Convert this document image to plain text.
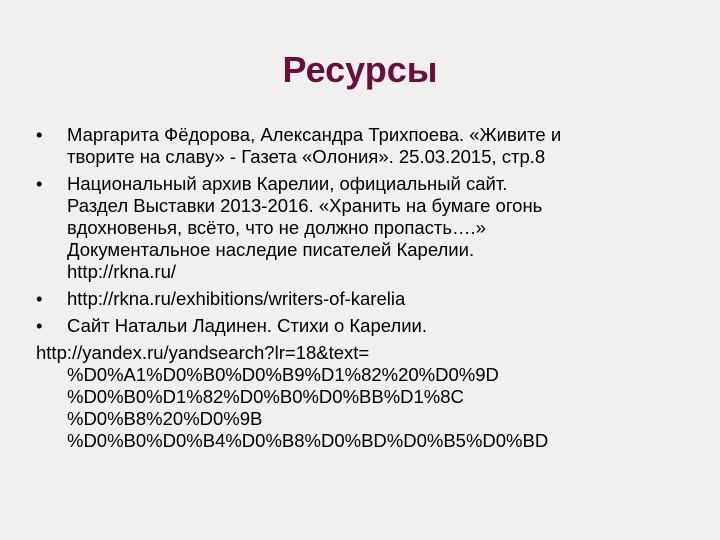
Ресурсы
•	Маргарита Фёдорова, Александра Трихпоева. «Живите и
творите на славу» - Газета «Олония». 25.03.2015, стр.8
•	Национальный архив Карелии, официальный сайт.
Раздел Выставки 2013-2016. «Хранить на бумаге огонь
вдохновенья, всёто, что не должно пропасть….»
Документальное наследие писателей Карелии.
http://rkna.ru/
•	http://rkna.ru/exhibitions/writers-of-karelia
•	Сайт Натальи Ладинен. Стихи о Карелии.
http://yandex.ru/yandsearch?lr=18&text=
%D0%A1%D0%B0%D0%B9%D1%82%20%D0%9D
%D0%B0%D1%82%D0%B0%D0%BB%D1%8C
%D0%B8%20%D0%9B
%D0%B0%D0%B4%D0%B8%D0%BD%D0%B5%D0%BD
